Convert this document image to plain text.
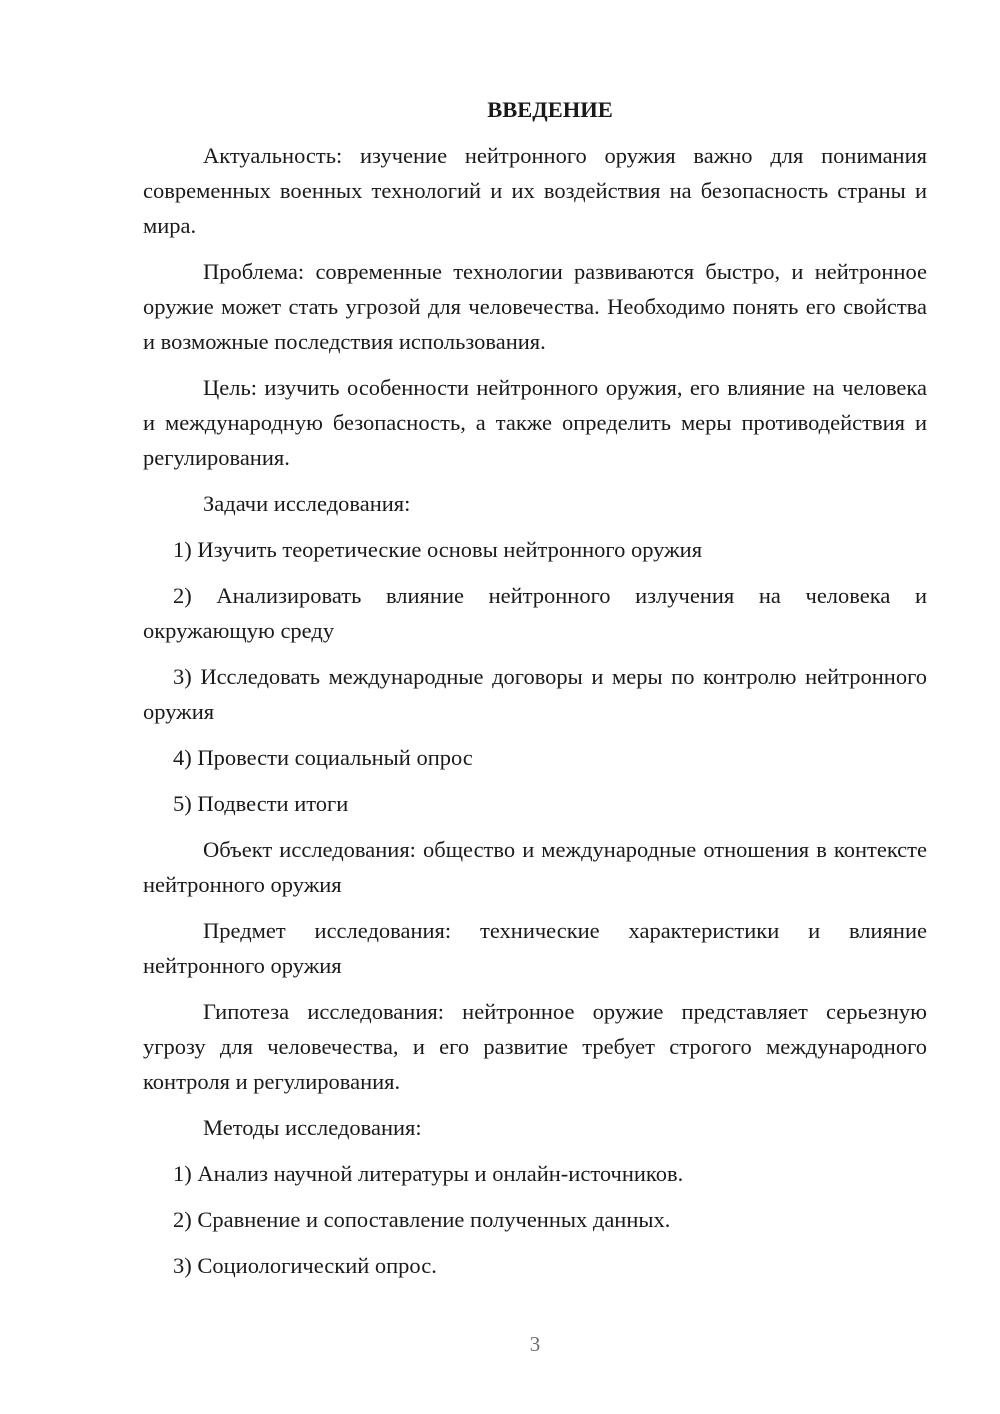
ВВЕДЕНИЕ

Актуальность: изучение нейтронного оружия важно для понимания современных военных технологий и их воздействия на безопасность страны и мира.

Проблема: современные технологии развиваются быстро, и нейтронное оружие может стать угрозой для человечества. Необходимо понять его свойства и возможные последствия использования.

Цель: изучить особенности нейтронного оружия, его влияние на человека и международную безопасность, а также определить меры противодействия и регулирования.

Задачи исследования:

1) Изучить теоретические основы нейтронного оружия

2) Анализировать влияние нейтронного излучения на человека и окружающую среду

3) Исследовать международные договоры и меры по контролю нейтронного оружия

4) Провести социальный опрос

5) Подвести итоги

Объект исследования: общество и международные отношения в контексте нейтронного оружия

Предмет исследования: технические характеристики и влияние нейтронного оружия

Гипотеза исследования: нейтронное оружие представляет серьезную угрозу для человечества, и его развитие требует строгого международного контроля и регулирования.

Методы исследования:

1) Анализ научной литературы и онлайн-источников.

2) Сравнение и сопоставление полученных данных.

3) Социологический опрос.

3
